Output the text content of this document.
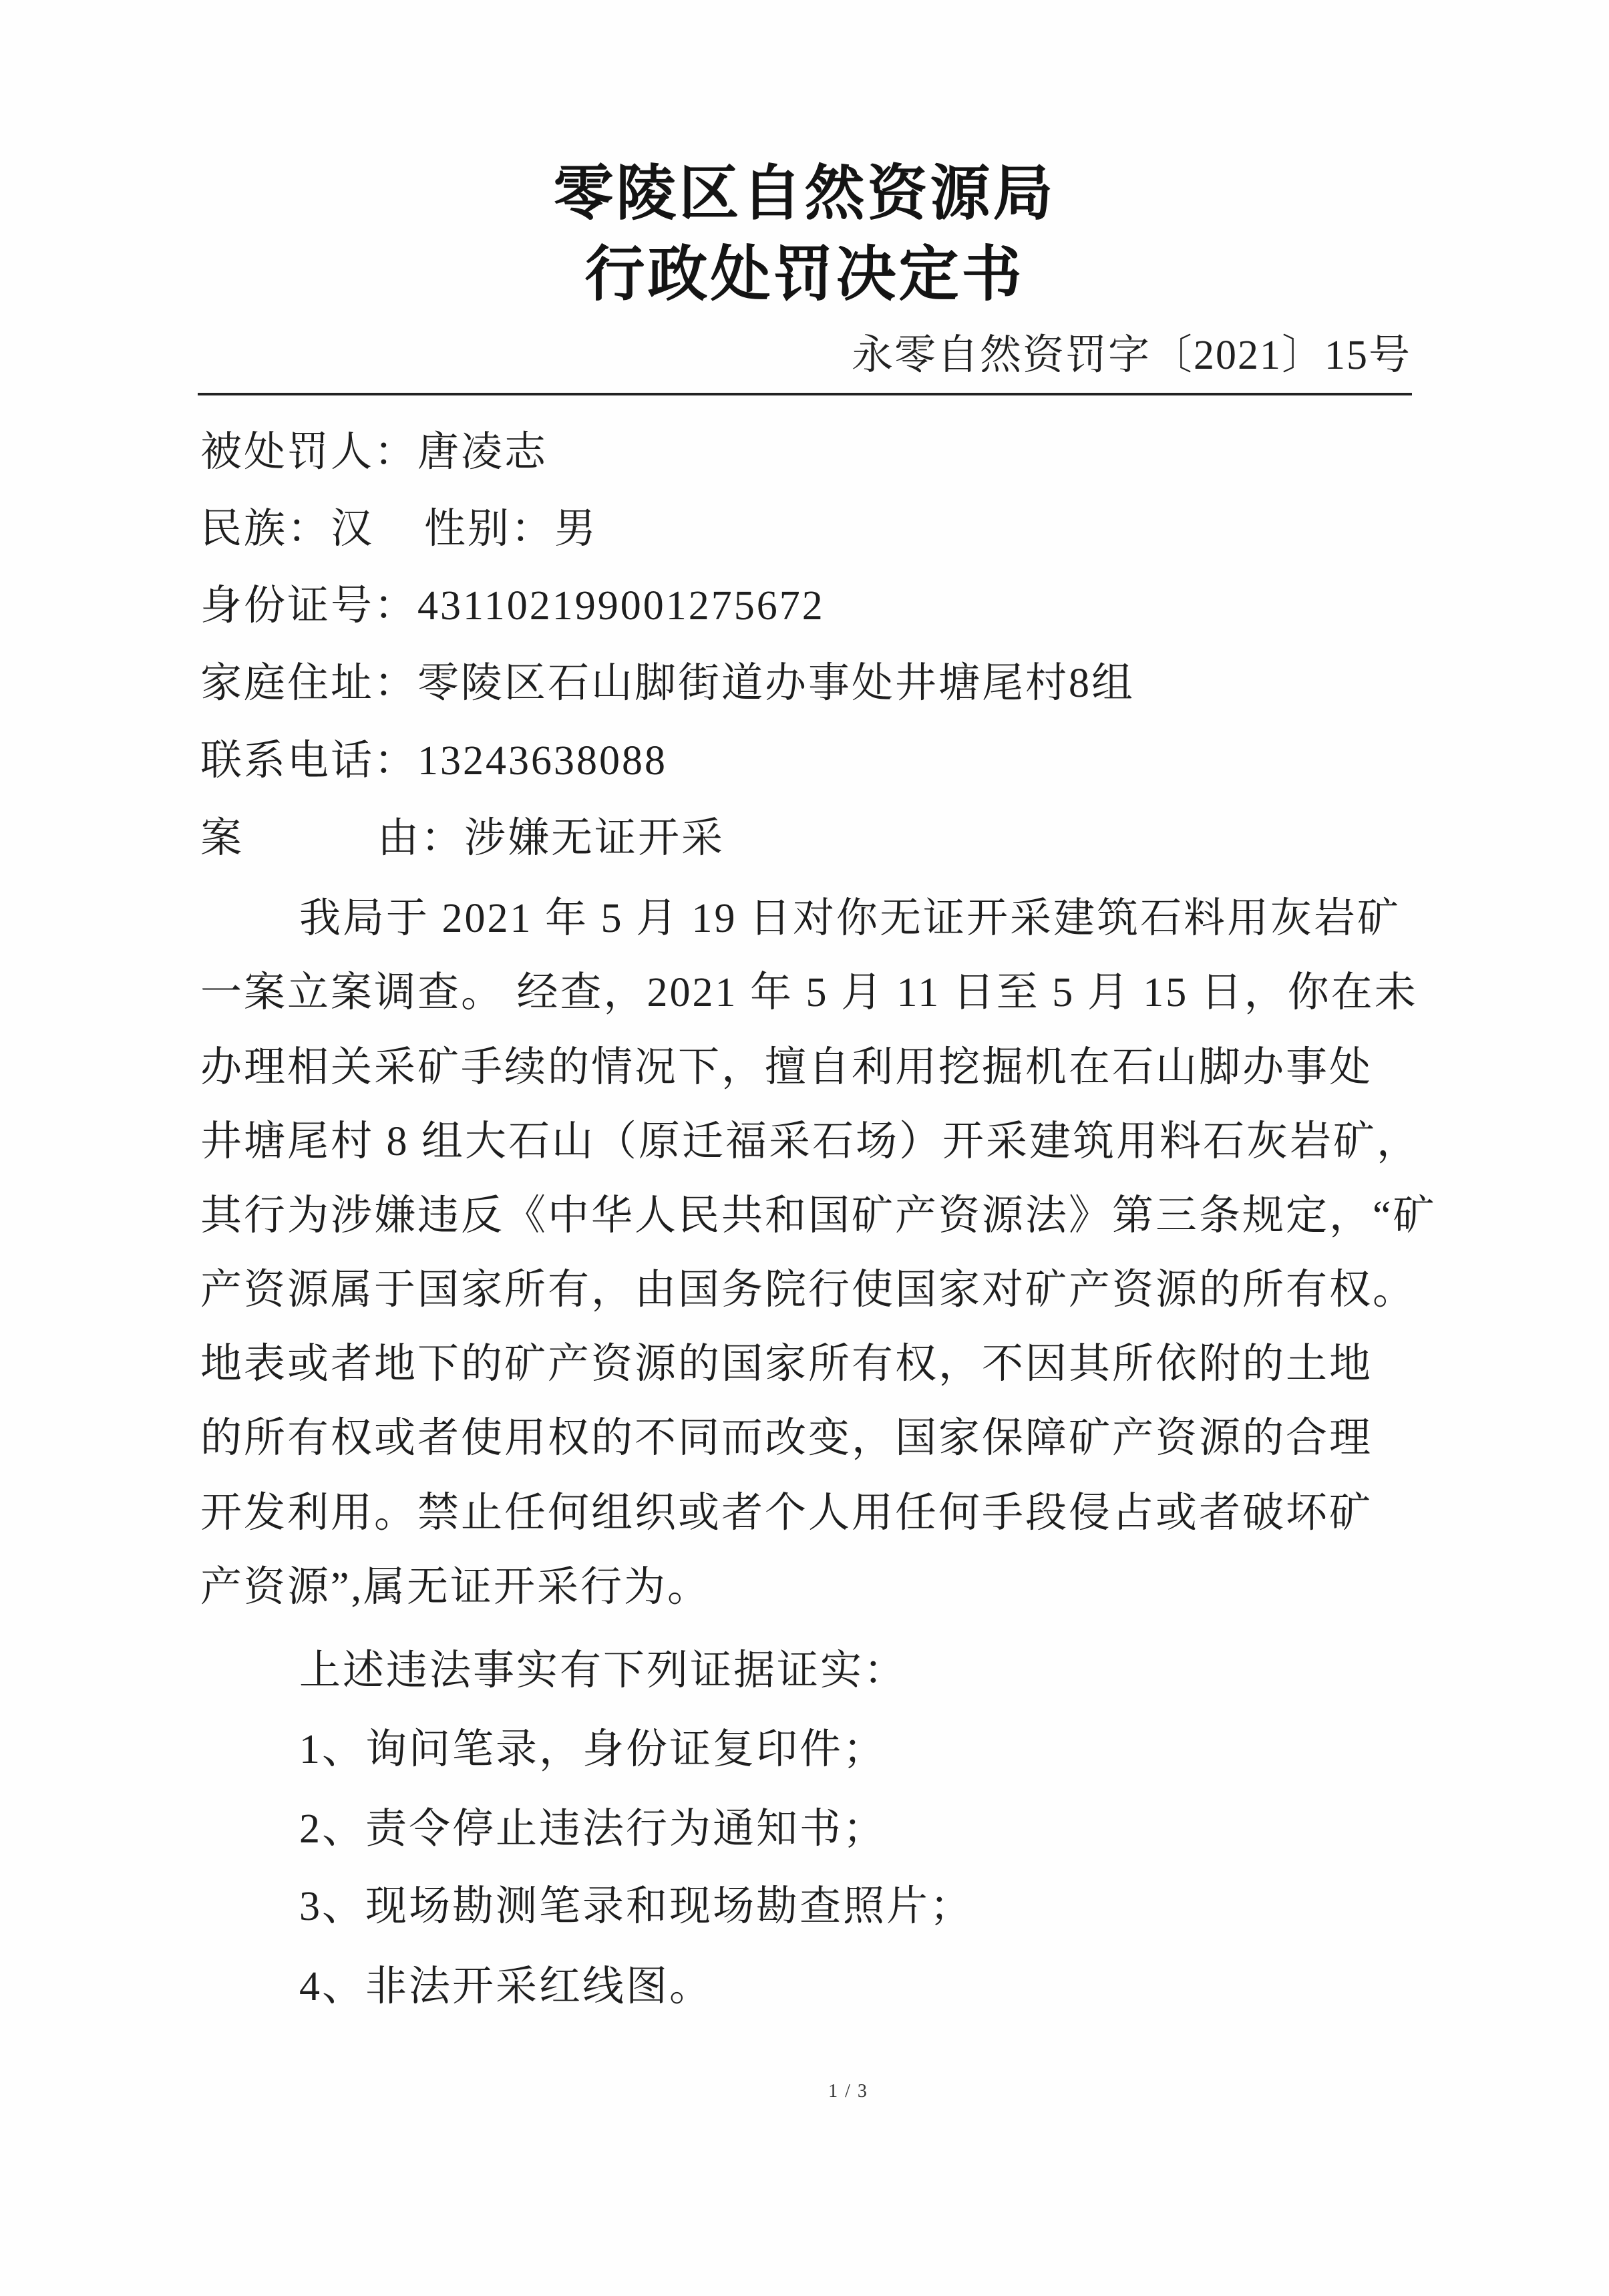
零陵区自然资源局
行政处罚决定书
永零自然资罚字〔2021〕15号
被处罚人：唐凌志
民族：汉 性别：男
身份证号：431102199001275672
家庭住址：零陵区石山脚街道办事处井塘尾村8组
联系电话：13243638088
案	由：涉嫌无证开采
我局于 2021 年 5 月 19 日对你无证开采建筑石料用灰岩矿
一案立案调查。 经查，2021 年 5 月 11 日至 5 月 15 日，你在未
办理相关采矿手续的情况下，擅自利用挖掘机在石山脚办事处
井塘尾村 8 组大石山（原迁福采石场）开采建筑用料石灰岩矿，
其行为涉嫌违反《中华人民共和国矿产资源法》第三条规定，“矿
产资源属于国家所有，由国务院行使国家对矿产资源的所有权。
地表或者地下的矿产资源的国家所有权，不因其所依附的土地
的所有权或者使用权的不同而改变，国家保障矿产资源的合理
开发利用。禁止任何组织或者个人用任何手段侵占或者破坏矿
产资源”,属无证开采行为。
上述违法事实有下列证据证实：
1、询问笔录，身份证复印件；
2、责令停止违法行为通知书；
3、现场勘测笔录和现场勘查照片；
4、非法开采红线图。
1 / 3
